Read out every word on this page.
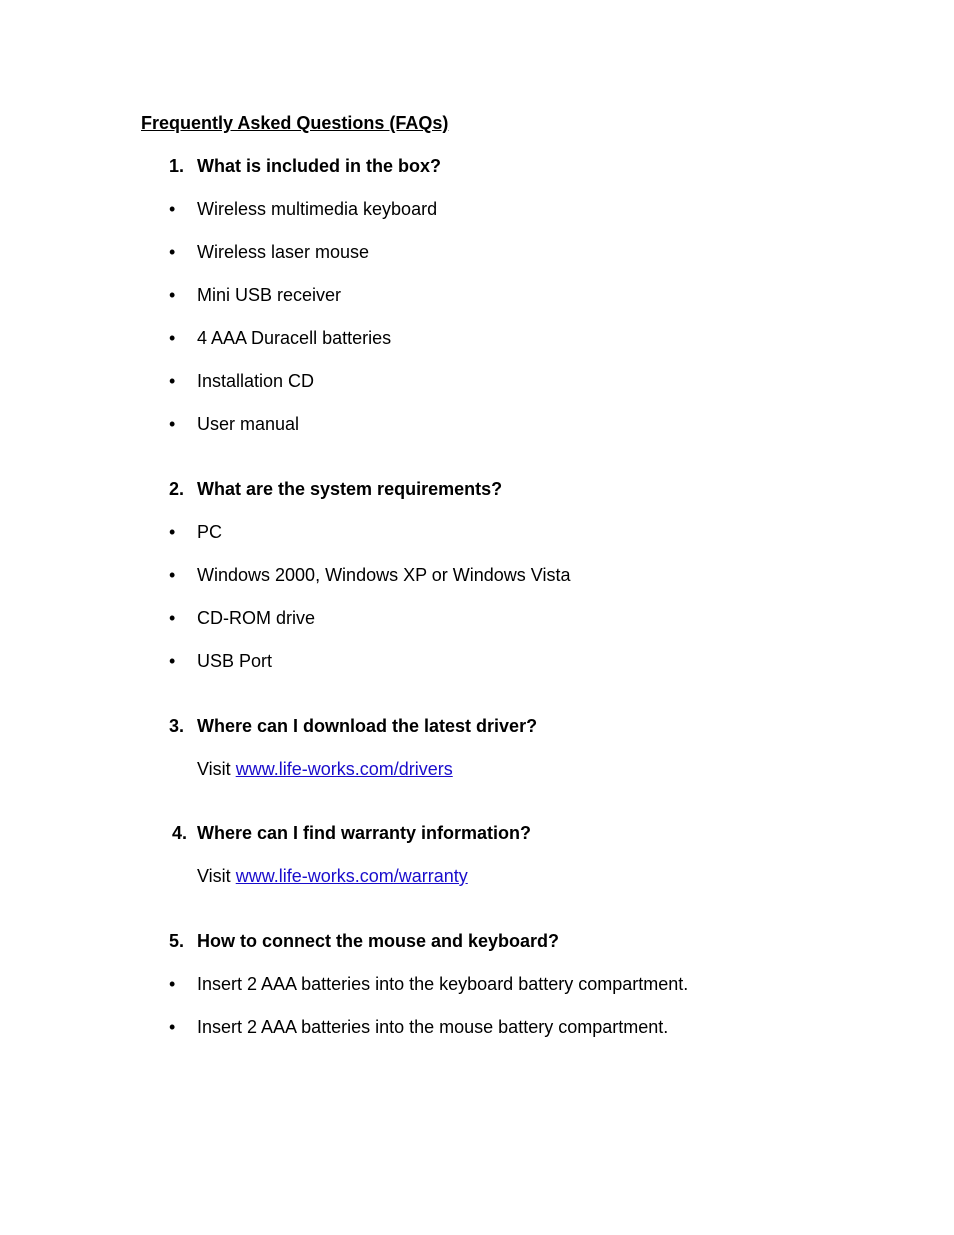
Frequently Asked Questions (FAQs)
1. What is included in the box?
•	Wireless multimedia keyboard
•	Wireless laser mouse
•	Mini USB receiver
•	4 AAA Duracell batteries
•	Installation CD
•	User manual
2. What are the system requirements?
•	PC
•	Windows 2000, Windows XP or Windows Vista
•	CD-ROM drive
•	USB Port
3. Where can I download the latest driver?
Visit www.life-works.com/drivers
4. Where can I find warranty information?
Visit www.life-works.com/warranty
5. How to connect the mouse and keyboard?
•	Insert 2 AAA batteries into the keyboard battery compartment.
•	Insert 2 AAA batteries into the mouse battery compartment.
